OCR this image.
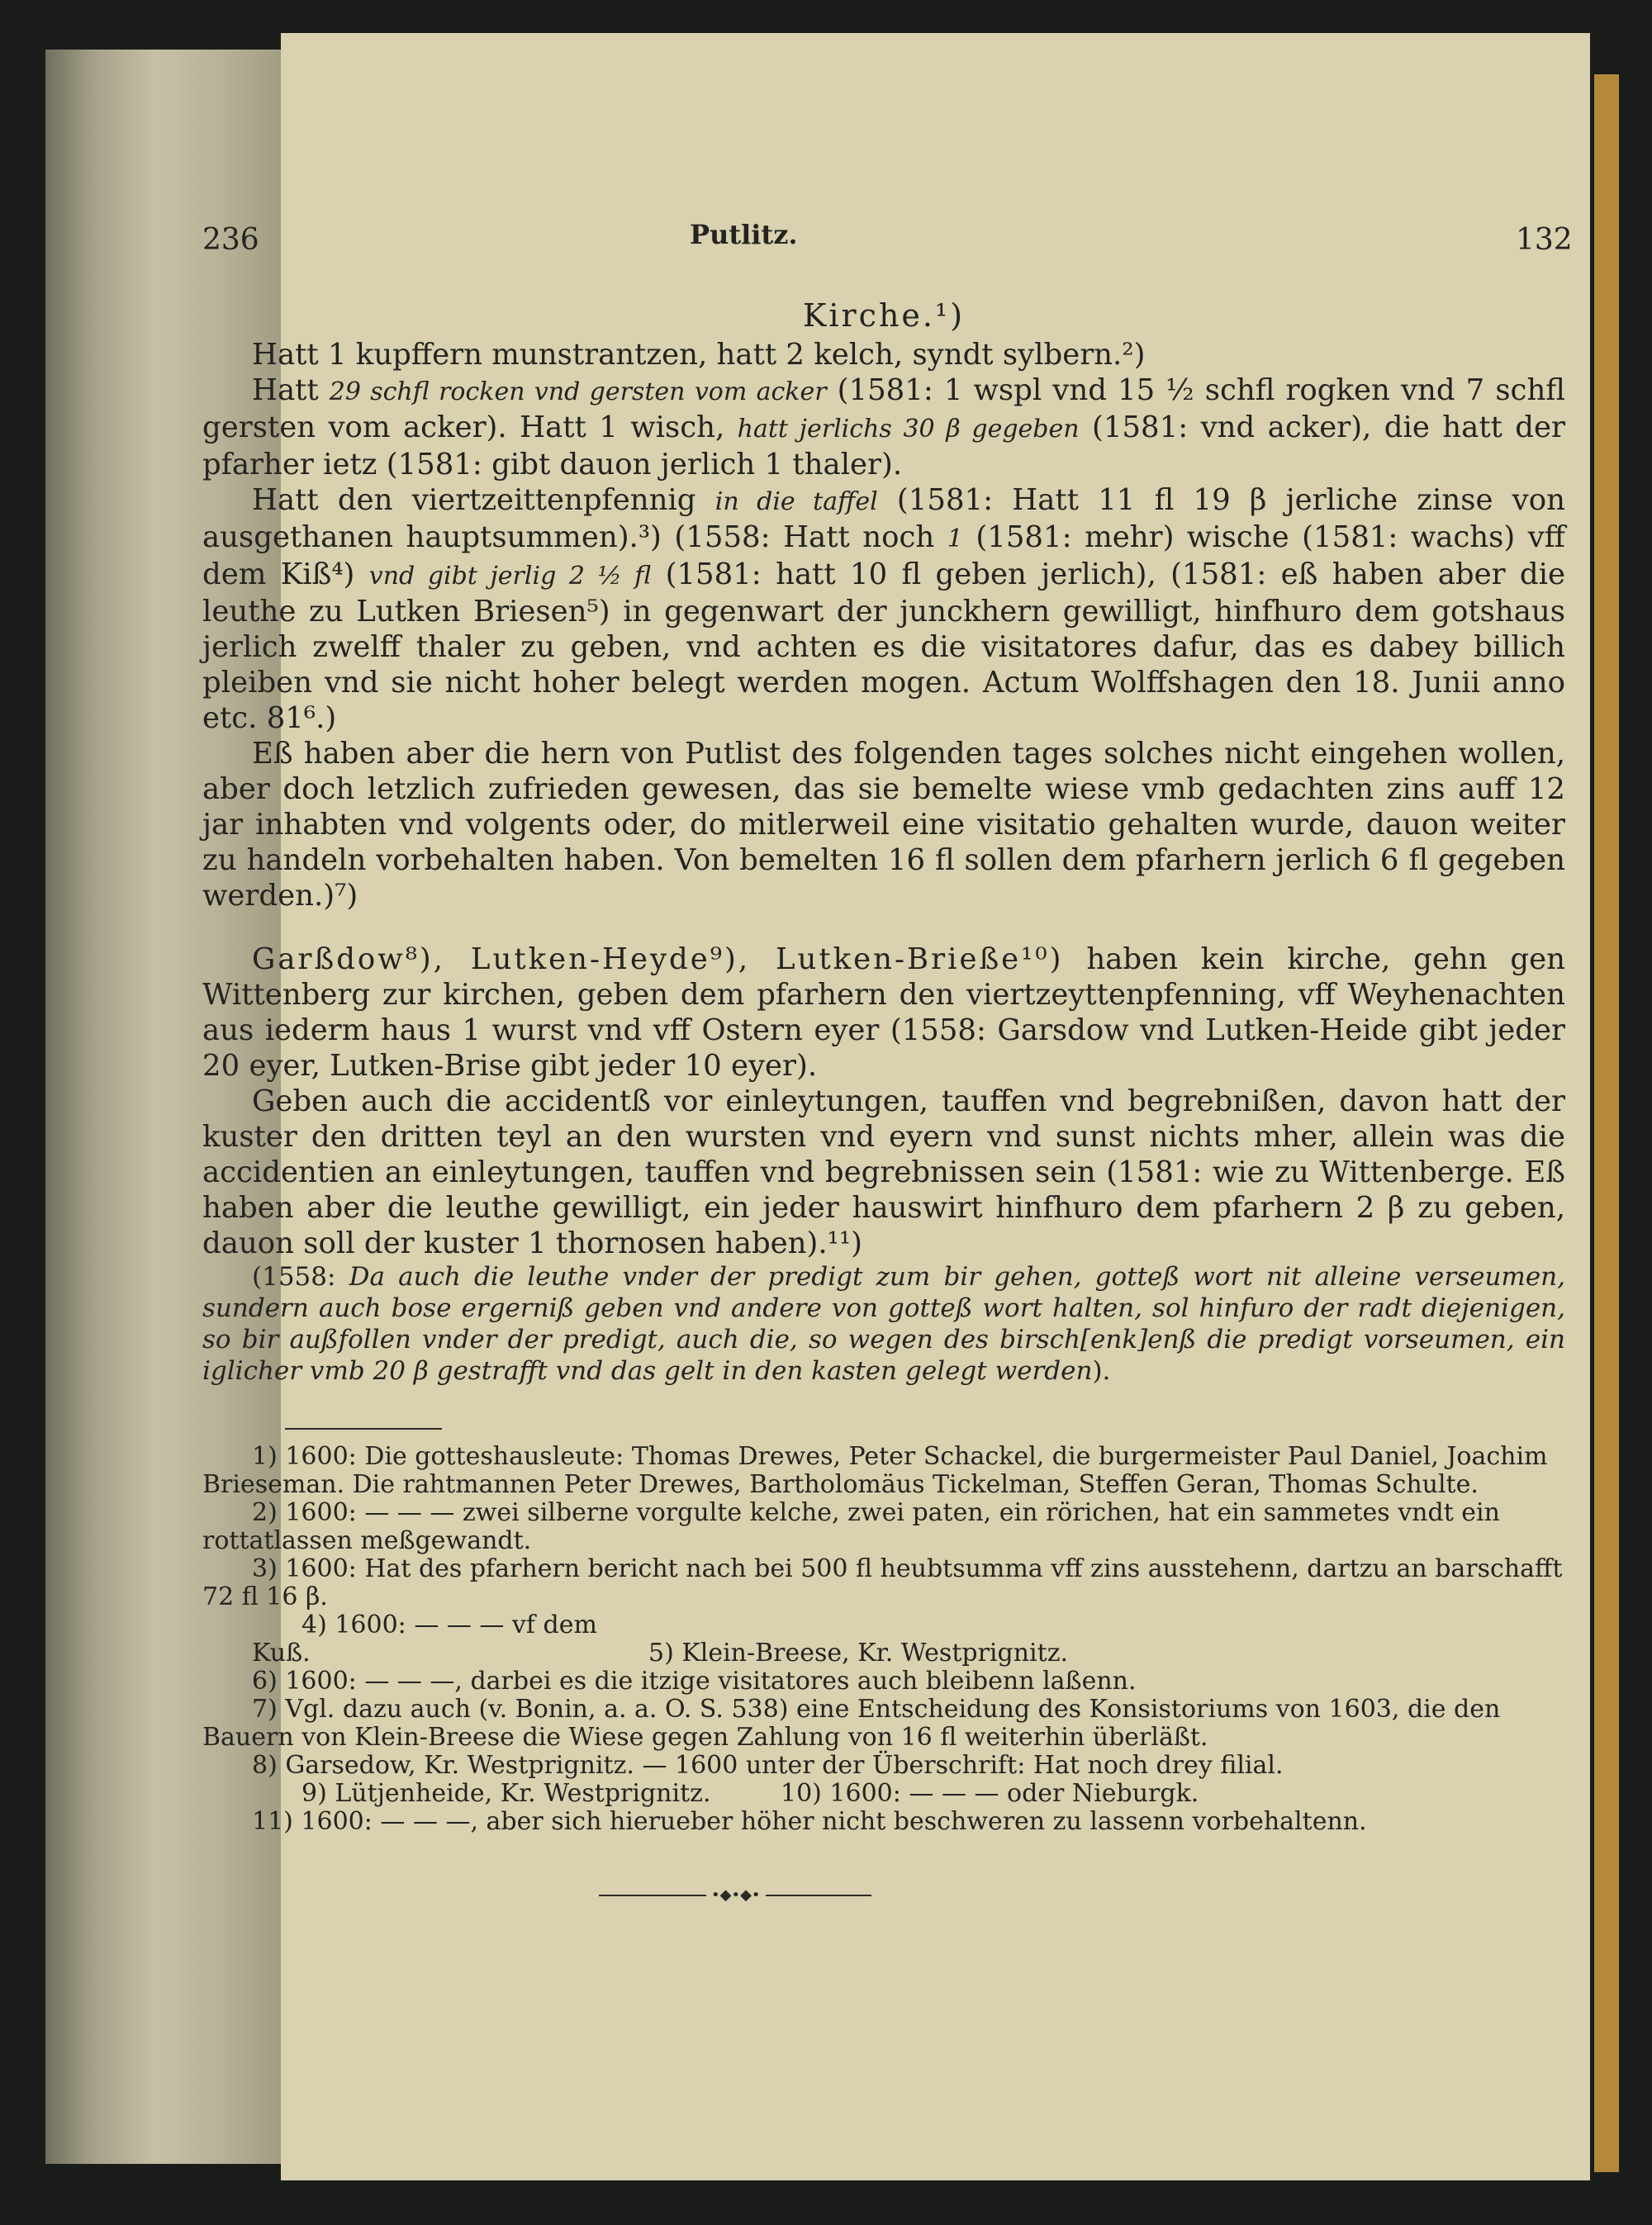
236	Putlitz.	132
Kirche.¹)

Hatt 1 kupffern munstrantzen, hatt 2 kelch, syndt sylbern.²)

Hatt 29 schfl rocken vnd gersten vom acker (1581: 1 wspl vnd 15 ½ schfl rogken vnd 7 schfl gersten vom acker). Hatt 1 wisch, hatt jerlichs 30 β gegeben (1581: vnd acker), die hatt der pfarher ietz (1581: gibt dauon jerlich 1 thaler).

Hatt den viertzeittenpfennig in die taffel (1581: Hatt 11 fl 19 β jerliche zinse von ausgethanen hauptsummen).³) (1558: Hatt noch 1 (1581: mehr) wische (1581: wachs) vff dem Kiß⁴) vnd gibt jerlig 2 ½ fl (1581: hatt 10 fl geben jerlich), (1581: eß haben aber die leuthe zu Lutken Briesen⁵) in gegenwart der junckhern gewilligt, hinfhuro dem gotshaus jerlich zwelff thaler zu geben, vnd achten es die visitatores dafur, das es dabey billich pleiben vnd sie nicht hoher belegt werden mogen. Actum Wolffshagen den 18. Junii anno etc. 81⁶.)

Eß haben aber die hern von Putlist des folgenden tages solches nicht eingehen wollen, aber doch letzlich zufrieden gewesen, das sie bemelte wiese vmb gedachten zins auff 12 jar inhabten vnd volgents oder, do mitlerweil eine visitatio gehalten wurde, dauon weiter zu handeln vorbehalten haben. Von bemelten 16 fl sollen dem pfarhern jerlich 6 fl gegeben werden.)⁷)

Garßdow⁸), Lutken-Heyde⁹), Lutken-Brieße¹⁰) haben kein kirche, gehn gen Wittenberg zur kirchen, geben dem pfarhern den viertzeyttenpfenning, vff Weyhenachten aus iederm haus 1 wurst vnd vff Ostern eyer (1558: Garsdow vnd Lutken-Heide gibt jeder 20 eyer, Lutken-Brise gibt jeder 10 eyer).

Geben auch die accidentß vor einleytungen, tauffen vnd begrebnißen, davon hatt der kuster den dritten teyl an den wursten vnd eyern vnd sunst nichts mher, allein was die accidentien an einleytungen, tauffen vnd begrebnissen sein (1581: wie zu Wittenberge. Eß haben aber die leuthe gewilligt, ein jeder hauswirt hinfhuro dem pfarhern 2 β zu geben, dauon soll der kuster 1 thornosen haben).¹¹)

(1558: Da auch die leuthe vnder der predigt zum bir gehen, gotteß wort nit alleine verseumen, sundern auch bose ergerniß geben vnd andere von gotteß wort halten, sol hinfuro der radt diejenigen, so bir außfollen vnder der predigt, auch die, so wegen des birsch[enk]enß die predigt vorseumen, ein iglicher vmb 20 β gestrafft vnd das gelt in den kasten gelegt werden).

1) 1600: Die gotteshausleute: Thomas Drewes, Peter Schackel, die burgermeister Paul Daniel, Joachim Brieseman. Die rahtmannen Peter Drewes, Bartholomäus Tickelman, Steffen Geran, Thomas Schulte.

2) 1600: — — — zwei silberne vorgulte kelche, zwei paten, ein rörichen, hat ein sammetes vndt ein rottatlassen meßgewandt.

3) 1600: Hat des pfarhern bericht nach bei 500 fl heubtsumma vff zins ausstehenn, dartzu an barschafft 72 fl 16 β.

4) 1600: — — — vf dem Kuß.	5) Klein-Breese, Kr. Westprignitz.

6) 1600: — — —, darbei es die itzige visitatores auch bleibenn laßenn.

7) Vgl. dazu auch (v. Bonin, a. a. O. S. 538) eine Entscheidung des Konsistoriums von 1603, die den Bauern von Klein-Breese die Wiese gegen Zahlung von 16 fl weiterhin überläßt.

8) Garsedow, Kr. Westprignitz. — 1600 unter der Überschrift: Hat noch drey filial.

9) Lütjenheide, Kr. Westprignitz.	10) 1600: — — — oder Nieburgk.

11) 1600: — — —, aber sich hierueber höher nicht beschweren zu lassenn vorbehaltenn.

•◆•◆•
